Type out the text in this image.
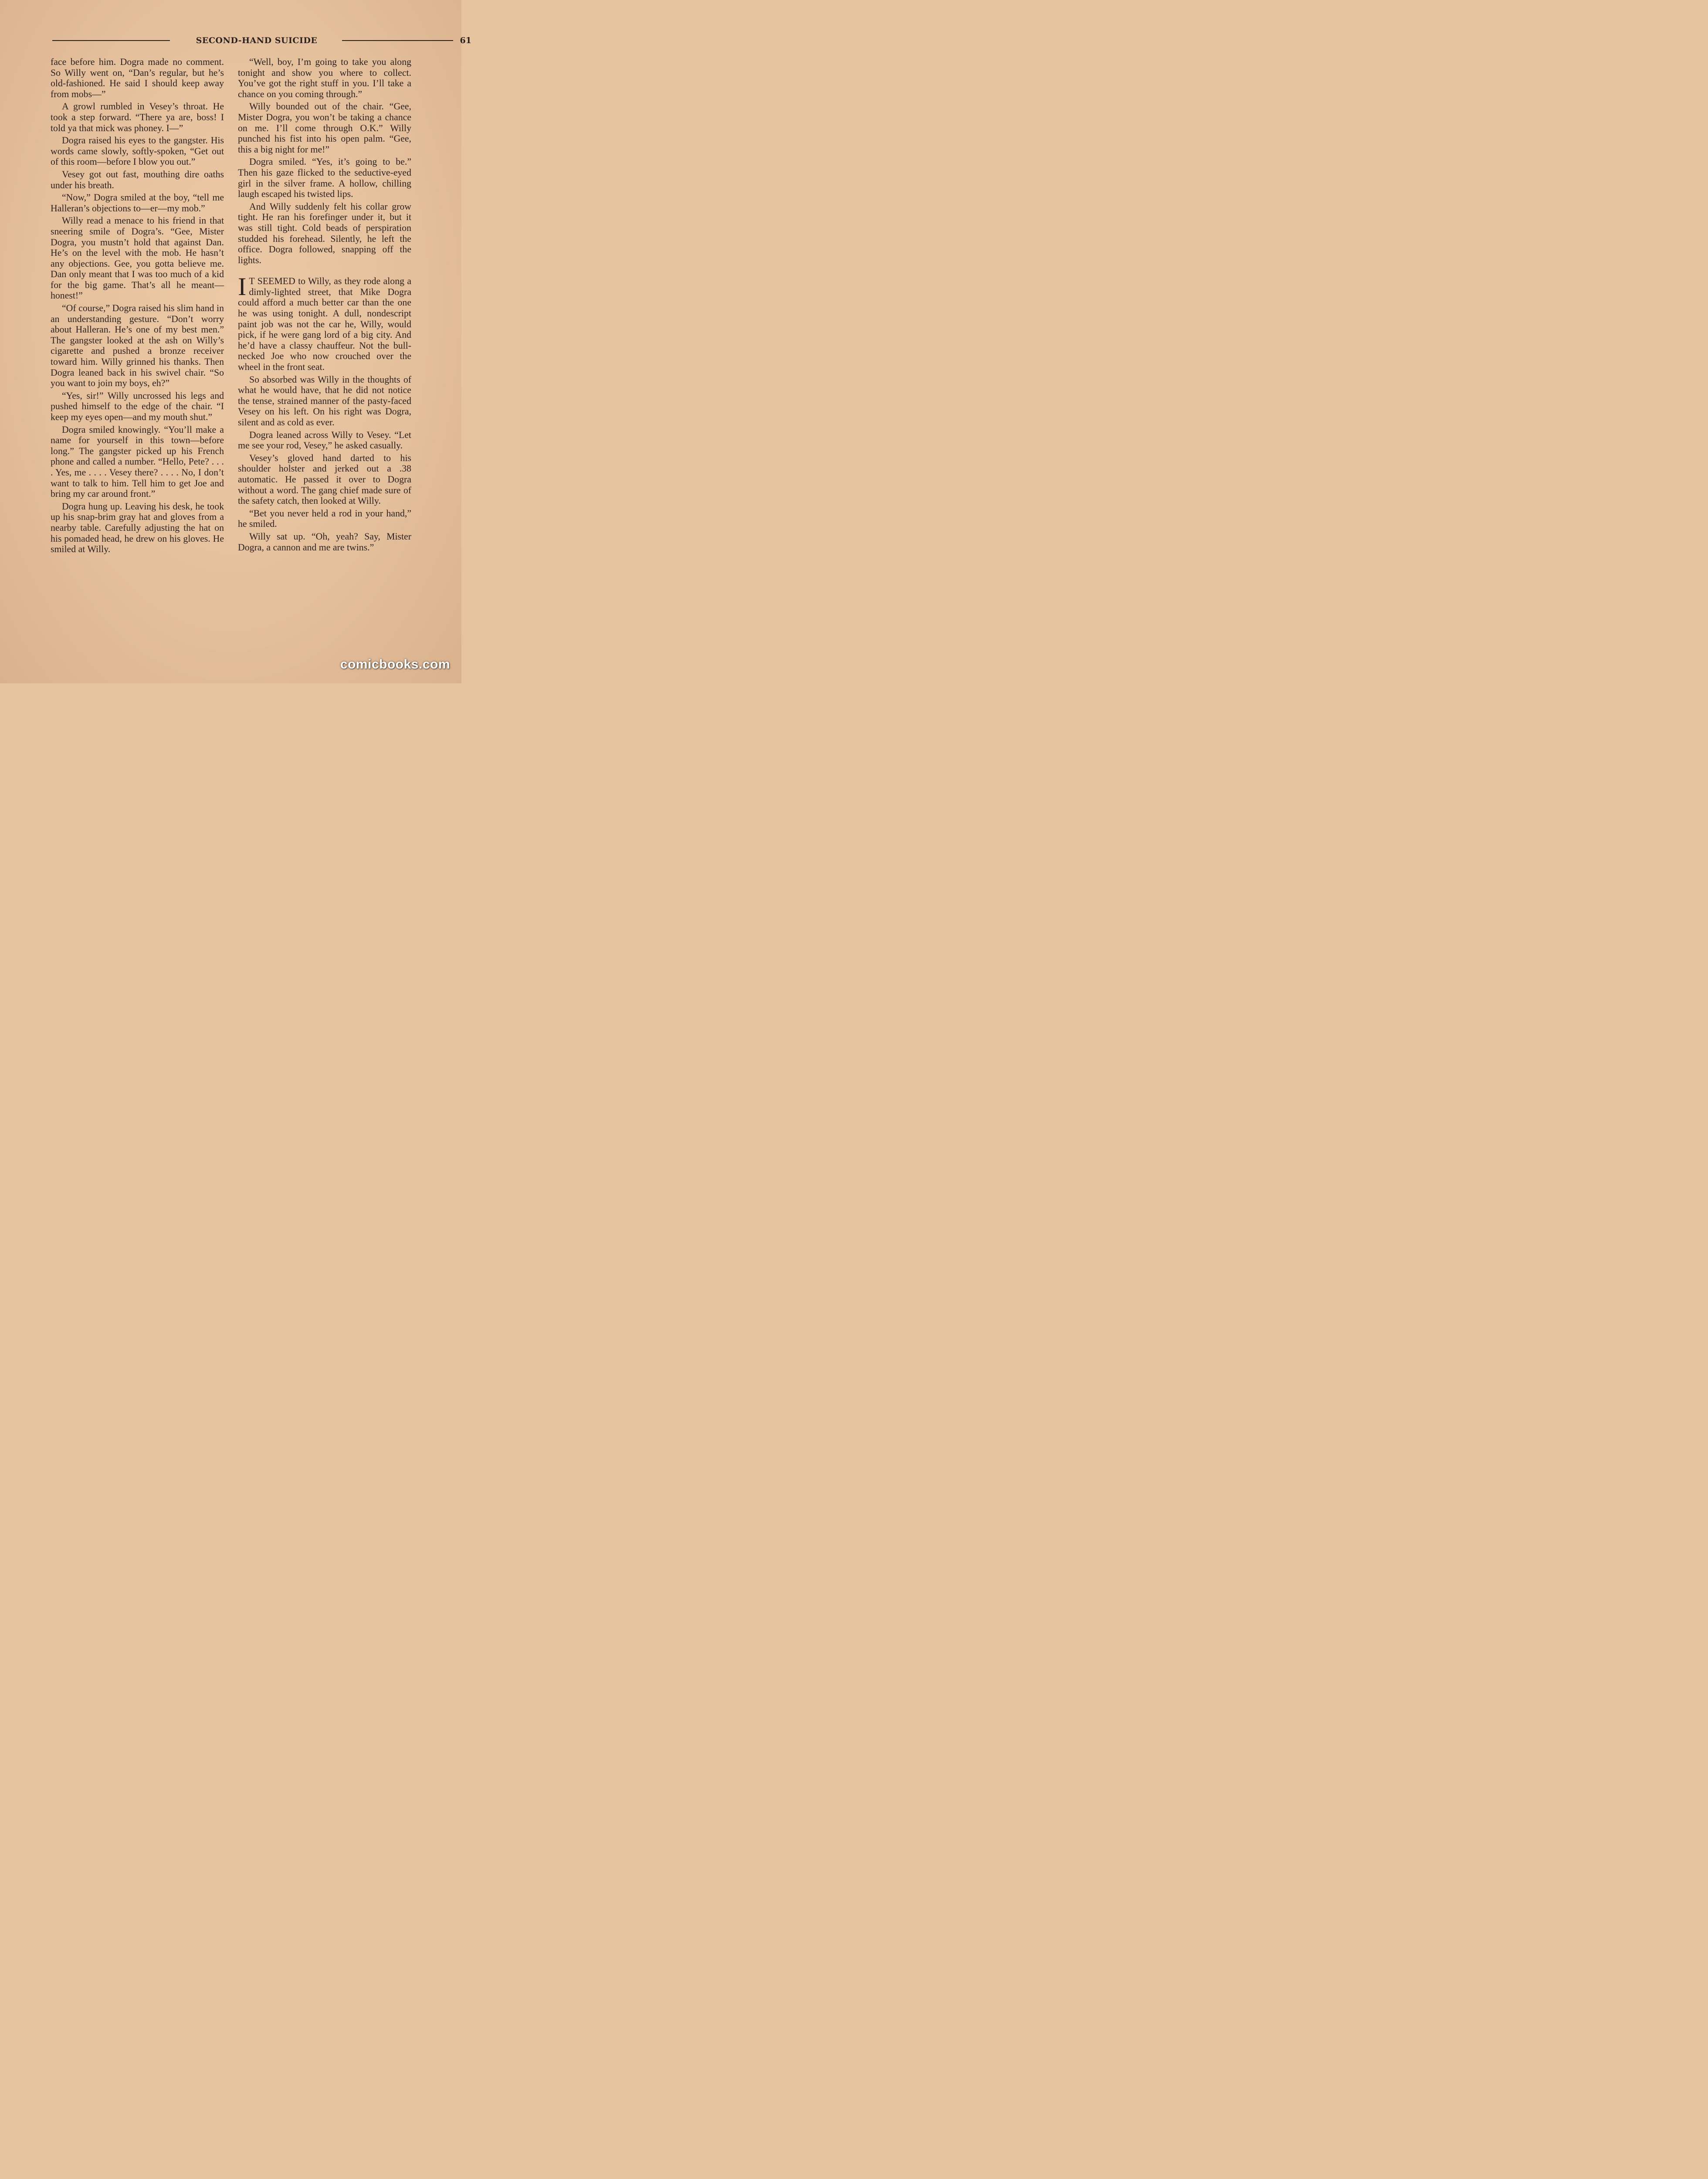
SECOND-HAND SUICIDE	61

face before him. Dogra made no comment. So Willy went on, “Dan’s regular, but he’s old-fashioned. He said I should keep away from mobs—”

A growl rumbled in Vesey’s throat. He took a step forward. “There ya are, boss! I told ya that mick was phoney. I—”

Dogra raised his eyes to the gangster. His words came slowly, softly-spoken, “Get out of this room—before I blow you out.”

Vesey got out fast, mouthing dire oaths under his breath.

“Now,” Dogra smiled at the boy, “tell me Halleran’s objections to—er—my mob.”

Willy read a menace to his friend in that sneering smile of Dogra’s. “Gee, Mister Dogra, you mustn’t hold that against Dan. He’s on the level with the mob. He hasn’t any objections. Gee, you gotta believe me. Dan only meant that I was too much of a kid for the big game. That’s all he meant—honest!”

“Of course,” Dogra raised his slim hand in an understanding gesture. “Don’t worry about Halleran. He’s one of my best men.” The gangster looked at the ash on Willy’s cigarette and pushed a bronze receiver toward him. Willy grinned his thanks. Then Dogra leaned back in his swivel chair. “So you want to join my boys, eh?”

“Yes, sir!” Willy uncrossed his legs and pushed himself to the edge of the chair. “I keep my eyes open—and my mouth shut.”

Dogra smiled knowingly. “You’ll make a name for yourself in this town—before long.” The gangster picked up his French phone and called a number. “Hello, Pete? . . . . Yes, me . . . . Vesey there? . . . . No, I don’t want to talk to him. Tell him to get Joe and bring my car around front.”

Dogra hung up. Leaving his desk, he took up his snap-brim gray hat and gloves from a nearby table. Carefully adjusting the hat on his pomaded head, he drew on his gloves. He smiled at Willy.

“Well, boy, I’m going to take you along tonight and show you where to collect. You’ve got the right stuff in you. I’ll take a chance on you coming through.”

Willy bounded out of the chair. “Gee, Mister Dogra, you won’t be taking a chance on me. I’ll come through O.K.” Willy punched his fist into his open palm. “Gee, this a big night for me!”

Dogra smiled. “Yes, it’s going to be.” Then his gaze flicked to the seductive-eyed girl in the silver frame. A hollow, chilling laugh escaped his twisted lips.

And Willy suddenly felt his collar grow tight. He ran his forefinger under it, but it was still tight. Cold beads of perspiration studded his forehead. Silently, he left the office. Dogra followed, snapping off the lights.

I T SEEMED to Willy, as they rode along a dimly-lighted street, that Mike Dogra could afford a much better car than the one he was using tonight. A dull, nondescript paint job was not the car he, Willy, would pick, if he were gang lord of a big city. And he’d have a classy chauffeur. Not the bull-necked Joe who now crouched over the wheel in the front seat.

So absorbed was Willy in the thoughts of what he would have, that he did not notice the tense, strained manner of the pasty-faced Vesey on his left. On his right was Dogra, silent and as cold as ever.

Dogra leaned across Willy to Vesey. “Let me see your rod, Vesey,” he asked casually.

Vesey’s gloved hand darted to his shoulder holster and jerked out a .38 automatic. He passed it over to Dogra without a word. The gang chief made sure of the safety catch, then looked at Willy.

“Bet you never held a rod in your hand,” he smiled.

Willy sat up. “Oh, yeah? Say, Mister Dogra, a cannon and me are twins.”

comicbooks.com
